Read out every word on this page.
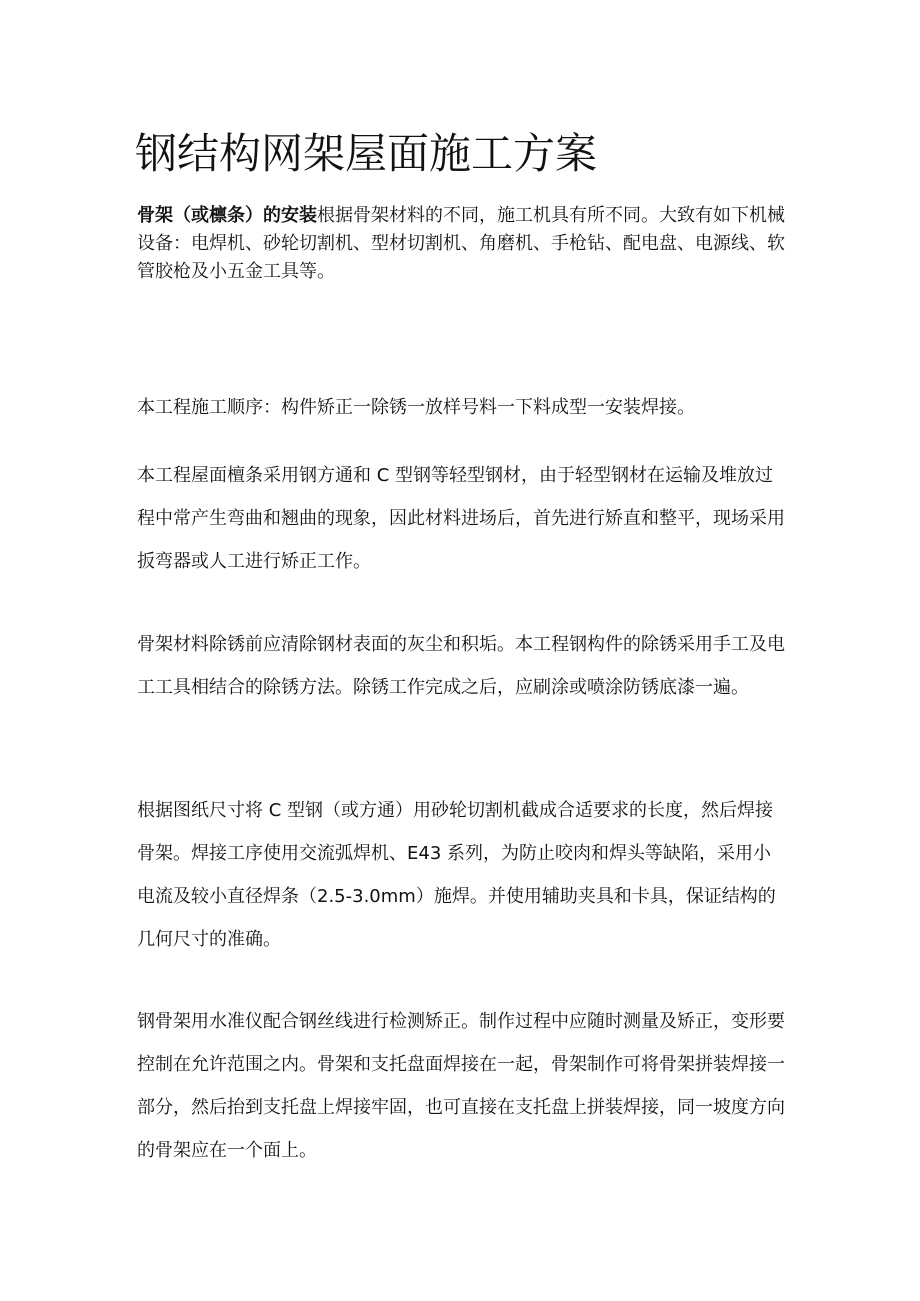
钢结构网架屋面施工方案

骨架（或檩条）的安装根据骨架材料的不同，施工机具有所不同。大致有如下机械设备：电焊机、砂轮切割机、型材切割机、角磨机、手枪钻、配电盘、电源线、软管胶枪及小五金工具等。

本工程施工顺序：构件矫正一除锈一放样号料一下料成型一安装焊接。

本工程屋面檀条采用钢方通和 C 型钢等轻型钢材，由于轻型钢材在运输及堆放过程中常产生弯曲和翘曲的现象，因此材料进场后，首先进行矫直和整平，现场采用扳弯器或人工进行矫正工作。

骨架材料除锈前应清除钢材表面的灰尘和积垢。本工程钢构件的除锈采用手工及电工工具相结合的除锈方法。除锈工作完成之后，应刷涂或喷涂防锈底漆一遍。

根据图纸尺寸将 C 型钢（或方通）用砂轮切割机截成合适要求的长度，然后焊接骨架。焊接工序使用交流弧焊机、E43 系列，为防止咬肉和焊头等缺陷，采用小电流及较小直径焊条（2.5-3.0mm）施焊。并使用辅助夹具和卡具，保证结构的几何尺寸的准确。

钢骨架用水准仪配合钢丝线进行检测矫正。制作过程中应随时测量及矫正，变形要控制在允许范围之内。骨架和支托盘面焊接在一起，骨架制作可将骨架拼装焊接一部分，然后抬到支托盘上焊接牢固，也可直接在支托盘上拼装焊接，同一坡度方向的骨架应在一个面上。
